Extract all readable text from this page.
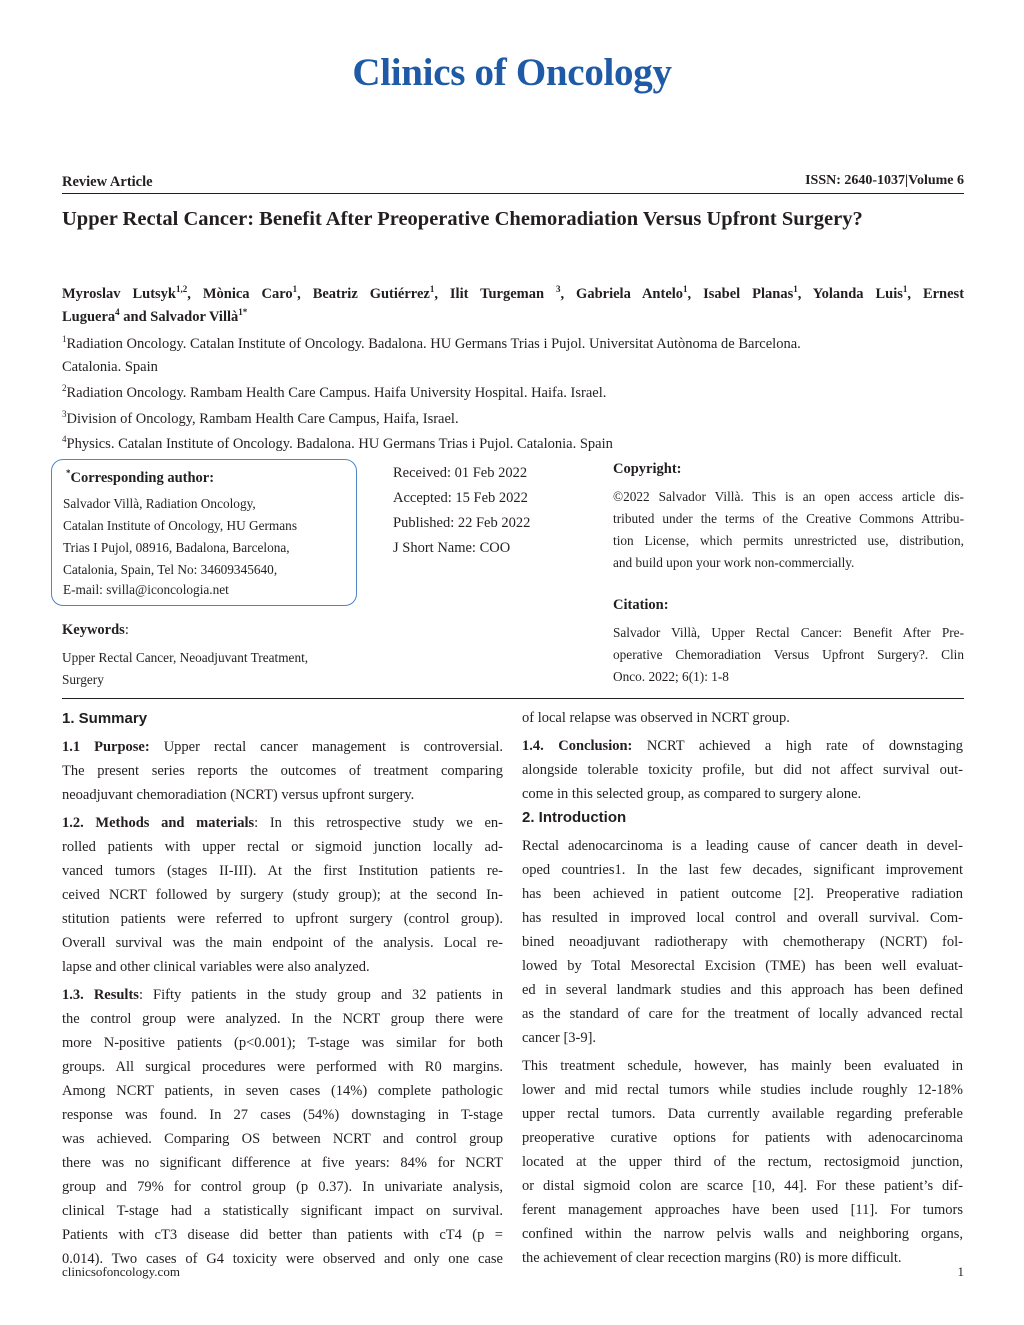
Clinics of Oncology
Review Article	ISSN: 2640-1037|Volume 6
Upper Rectal Cancer: Benefit After Preoperative Chemoradiation Versus Upfront Surgery?
Myroslav Lutsyk$^{1,2}$, Mònica Caro$^1$, Beatriz Gutiérrez$^1$, Ilit Turgeman $^3$, Gabriela Antelo$^1$, Isabel Planas$^1$, Yolanda Luis$^1$, Ernest
Luguera$^4$ and Salvador Villà$^{1*}$
$^1$Radiation Oncology. Catalan Institute of Oncology. Badalona. HU Germans Trias i Pujol. Universitat Autònoma de Barcelona.
Catalonia. Spain
$^2$Radiation Oncology. Rambam Health Care Campus. Haifa University Hospital. Haifa. Israel.
$^3$Division of Oncology, Rambam Health Care Campus, Haifa, Israel.
$^4$Physics. Catalan Institute of Oncology. Badalona. HU Germans Trias i Pujol. Catalonia. Spain
*Corresponding author:
Salvador Villà, Radiation Oncology,
Catalan Institute of Oncology, HU Germans
Trias I Pujol, 08916, Badalona, Barcelona,
Catalonia, Spain, Tel No: 34609345640,
E-mail: svilla@iconcologia.net
Received: 01 Feb 2022
Accepted: 15 Feb 2022
Published: 22 Feb 2022
J Short Name: COO
Copyright:
©2022 Salvador Villà. This is an open access article dis-
tributed under the terms of the Creative Commons Attribu-
tion License, which permits unrestricted use, distribution,
and build upon your work non-commercially.
Citation:
Salvador Villà, Upper Rectal Cancer: Benefit After Pre-
operative Chemoradiation Versus Upfront Surgery?. Clin
Onco. 2022; 6(1): 1-8
Keywords:
Upper Rectal Cancer, Neoadjuvant Treatment,
Surgery
1. Summary
1.1 Purpose: Upper rectal cancer management is controversial.
The present series reports the outcomes of treatment comparing
neoadjuvant chemoradiation (NCRT) versus upfront surgery.
1.2. Methods and materials: In this retrospective study we en-
rolled patients with upper rectal or sigmoid junction locally ad-
vanced tumors (stages II-III). At the first Institution patients re-
ceived NCRT followed by surgery (study group); at the second In-
stitution patients were referred to upfront surgery (control group).
Overall survival was the main endpoint of the analysis. Local re-
lapse and other clinical variables were also analyzed.
1.3. Results: Fifty patients in the study group and 32 patients in
the control group were analyzed. In the NCRT group there were
more N-positive patients (p<0.001); T-stage was similar for both
groups. All surgical procedures were performed with R0 margins.
Among NCRT patients, in seven cases (14%) complete pathologic
response was found. In 27 cases (54%) downstaging in T-stage
was achieved. Comparing OS between NCRT and control group
there was no significant difference at five years: 84% for NCRT
group and 79% for control group (p 0.37). In univariate analysis,
clinical T-stage had a statistically significant impact on survival.
Patients with cT3 disease did better than patients with cT4 (p =
0.014). Two cases of G4 toxicity were observed and only one case
of local relapse was observed in NCRT group.
1.4. Conclusion: NCRT achieved a high rate of downstaging
alongside tolerable toxicity profile, but did not affect survival out-
come in this selected group, as compared to surgery alone.
2. Introduction
Rectal adenocarcinoma is a leading cause of cancer death in devel-
oped countries1. In the last few decades, significant improvement
has been achieved in patient outcome [2]. Preoperative radiation
has resulted in improved local control and overall survival. Com-
bined neoadjuvant radiotherapy with chemotherapy (NCRT) fol-
lowed by Total Mesorectal Excision (TME) has been well evaluat-
ed in several landmark studies and this approach has been defined
as the standard of care for the treatment of locally advanced rectal
cancer [3-9].
This treatment schedule, however, has mainly been evaluated in
lower and mid rectal tumors while studies include roughly 12-18%
upper rectal tumors. Data currently available regarding preferable
preoperative curative options for patients with adenocarcinoma
located at the upper third of the rectum, rectosigmoid junction,
or distal sigmoid colon are scarce [10, 44]. For these patient’s dif-
ferent management approaches have been used [11]. For tumors
confined within the narrow pelvis walls and neighboring organs,
the achievement of clear recection margins (R0) is more difficult.
clinicsofoncology.com	1
